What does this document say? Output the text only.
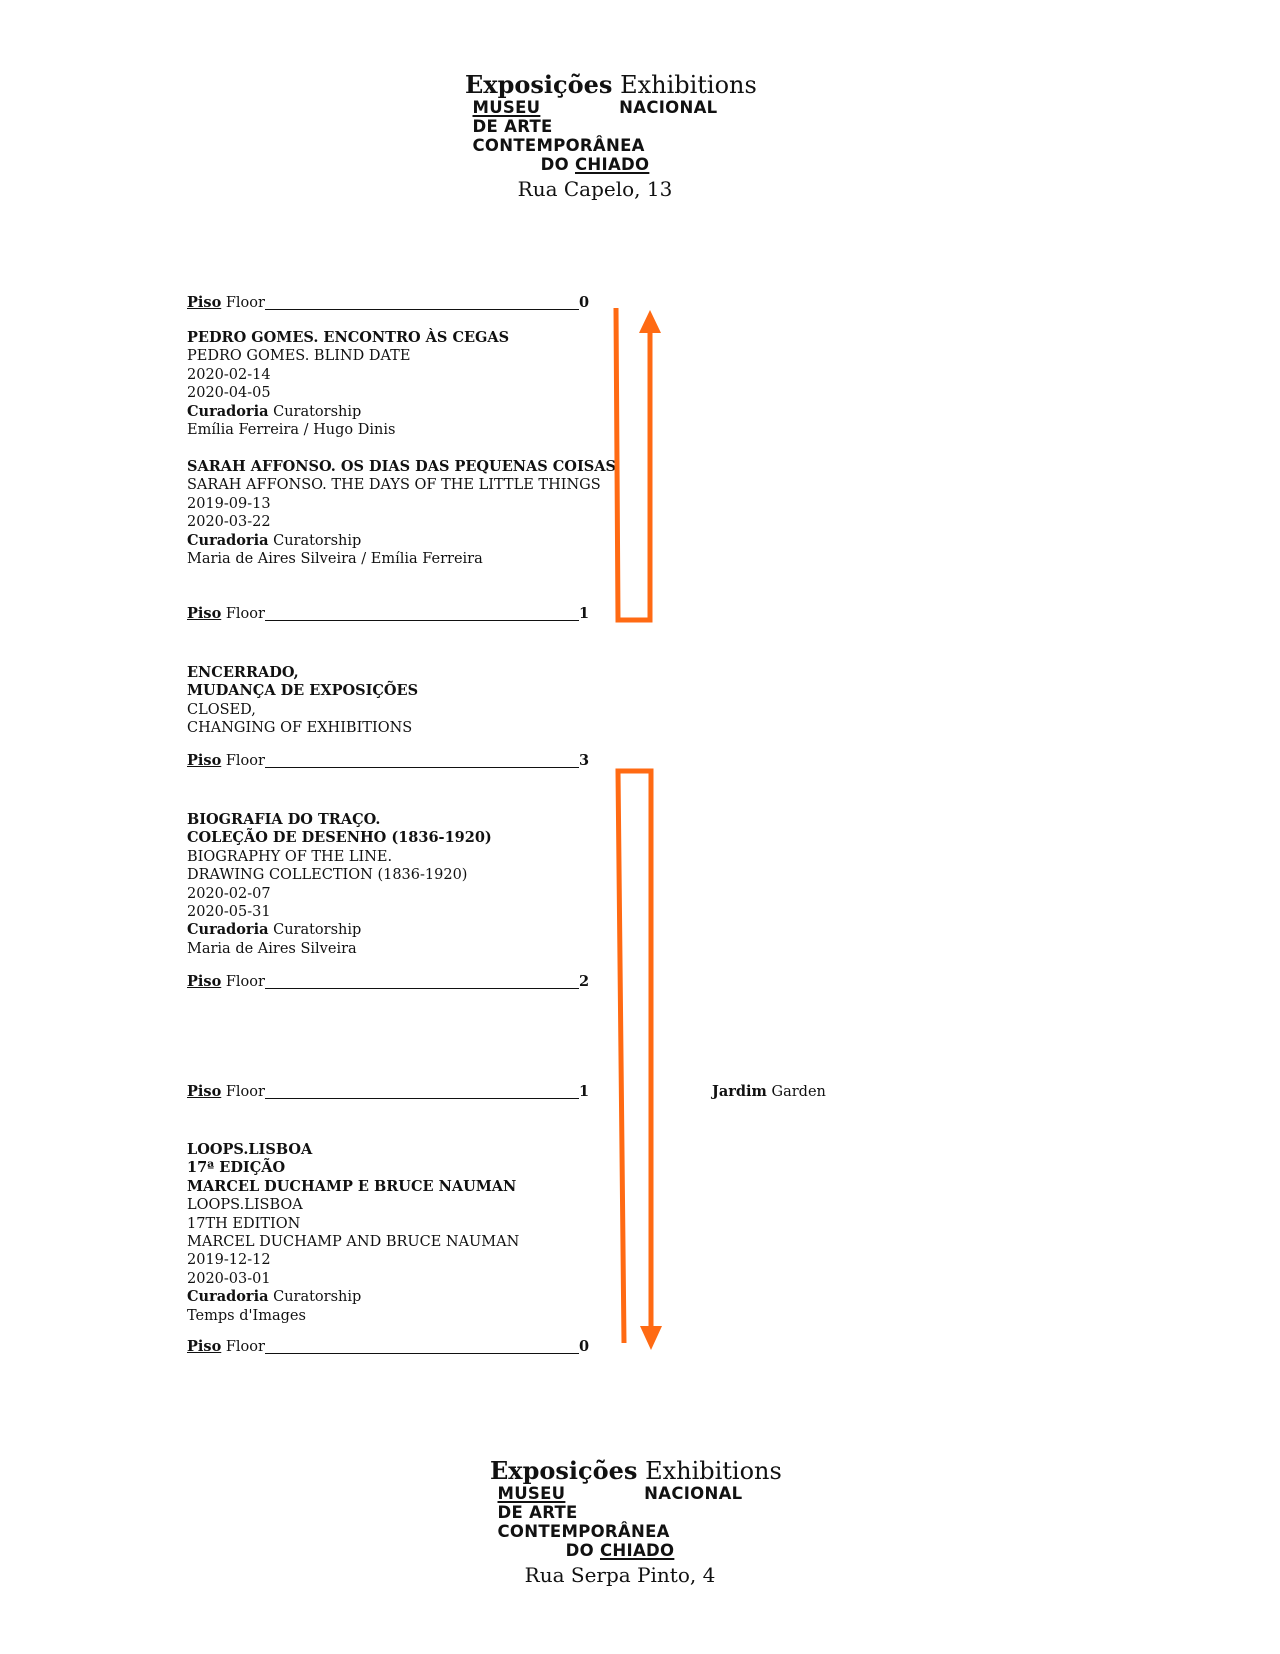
Exposições Exhibitions
MUSEU	NACIONAL
DE ARTE CONTEMPORÂNEA
DO CHIADO
Rua Capelo, 13
Piso Floor	0
PEDRO GOMES. ENCONTRO ÀS CEGAS
PEDRO GOMES. BLIND DATE
2020-02-14
2020-04-05
Curadoria Curatorship
Emília Ferreira / Hugo Dinis
SARAH AFFONSO. OS DIAS DAS PEQUENAS COISAS
SARAH AFFONSO. THE DAYS OF THE LITTLE THINGS
2019-09-13
2020-03-22
Curadoria Curatorship
Maria de Aires Silveira / Emília Ferreira
Piso Floor	1
ENCERRADO,
MUDANÇA DE EXPOSIÇÕES
CLOSED,
CHANGING OF EXHIBITIONS
Piso Floor	3
BIOGRAFIA DO TRAÇO.
COLEÇÃO DE DESENHO (1836-1920)
BIOGRAPHY OF THE LINE.
DRAWING COLLECTION (1836-1920)
2020-02-07
2020-05-31
Curadoria Curatorship
Maria de Aires Silveira
Piso Floor	2
Piso Floor	1	Jardim Garden
LOOPS.LISBOA
17ª EDIÇÃO
MARCEL DUCHAMP E BRUCE NAUMAN
LOOPS.LISBOA
17TH EDITION
MARCEL DUCHAMP AND BRUCE NAUMAN
2019-12-12
2020-03-01
Curadoria Curatorship
Temps d'Images
Piso Floor	0
Exposições Exhibitions
MUSEU	NACIONAL
DE ARTE CONTEMPORÂNEA
DO CHIADO
Rua Serpa Pinto, 4
